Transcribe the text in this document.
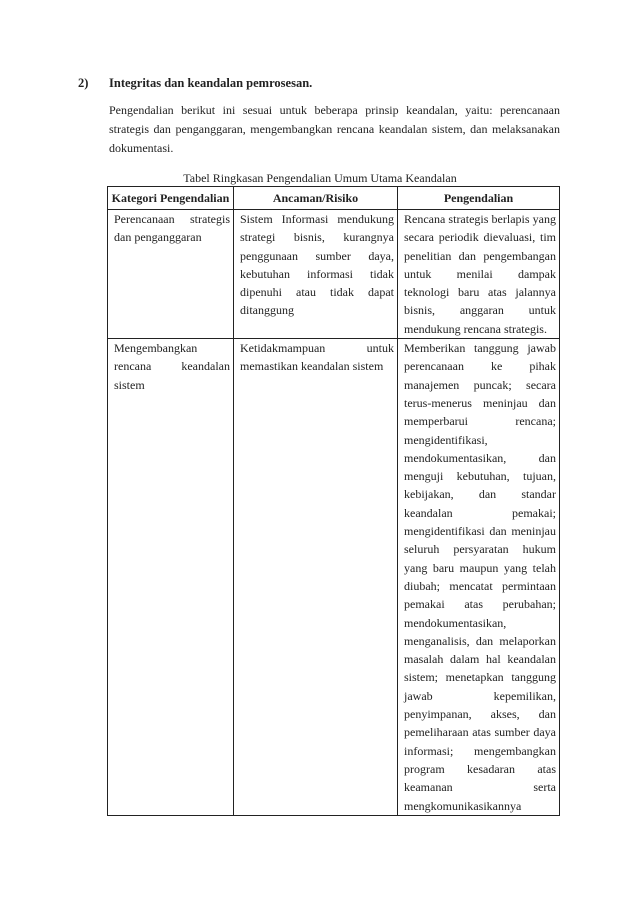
2) Integritas dan keandalan pemrosesan.
Pengendalian berikut ini sesuai untuk beberapa prinsip keandalan, yaitu: perencanaan strategis dan penganggaran, mengembangkan rencana keandalan sistem, dan melaksanakan dokumentasi.
Tabel Ringkasan Pengendalian Umum Utama Keandalan
Kategori Pengendalian	Ancaman/Risiko	Pengendalian
Perencanaan strategis dan penganggaran	Sistem Informasi mendukung strategi bisnis, kurangnya penggunaan sumber daya, kebutuhan informasi tidak dipenuhi atau tidak dapat ditanggung	Rencana strategis berlapis yang secara periodik dievaluasi, tim penelitian dan pengembangan untuk menilai dampak teknologi baru atas jalannya bisnis, anggaran untuk mendukung rencana strategis.
Mengembangkan rencana keandalan sistem	Ketidakmampuan untuk memastikan keandalan sistem	Memberikan tanggung jawab perencanaan ke pihak manajemen puncak; secara terus-menerus meninjau dan memperbarui rencana; mengidentifikasi, mendokumentasikan, dan menguji kebutuhan, tujuan, kebijakan, dan standar keandalan pemakai; mengidentifikasi dan meninjau seluruh persyaratan hukum yang baru maupun yang telah diubah; mencatat permintaan pemakai atas perubahan; mendokumentasikan, menganalisis, dan melaporkan masalah dalam hal keandalan sistem; menetapkan tanggung jawab kepemilikan, penyimpanan, akses, dan pemeliharaan atas sumber daya informasi; mengembangkan program kesadaran atas keamanan serta mengkomunikasikannya
